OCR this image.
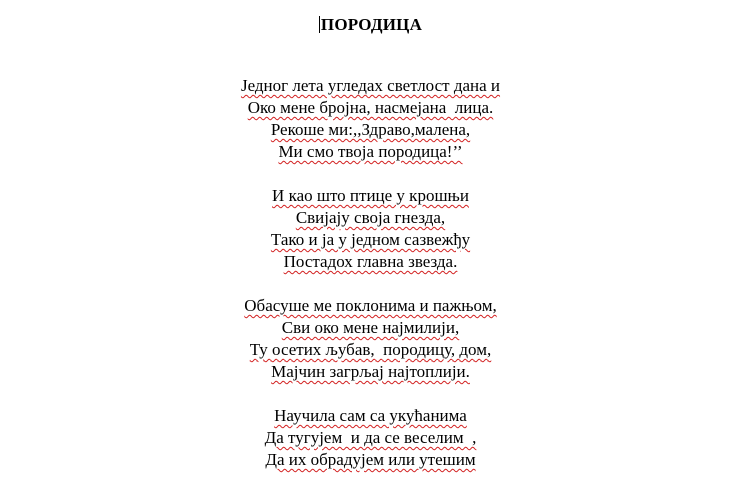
ПОРОДИЦА
Једног лета угледах светлост дана и
Око мене бројна, насмејана  лица.
Рекоше ми:,,Здраво,малена,
Ми смо твоја породица!’’
И као што птице у крошњи
Свијају своја гнезда,
Тако и ја у једном сазвежђу
Постадох главна звезда.
Обасуше ме поклонима и пажњом,
Сви око мене најмилији,
Ту осетих љубав,  породицу, дом,
Мајчин загрљај најтоплији.
Научила сам са укућанима
Да тугујем  и да се веселим  ,
Да их обрадујем или утешим
